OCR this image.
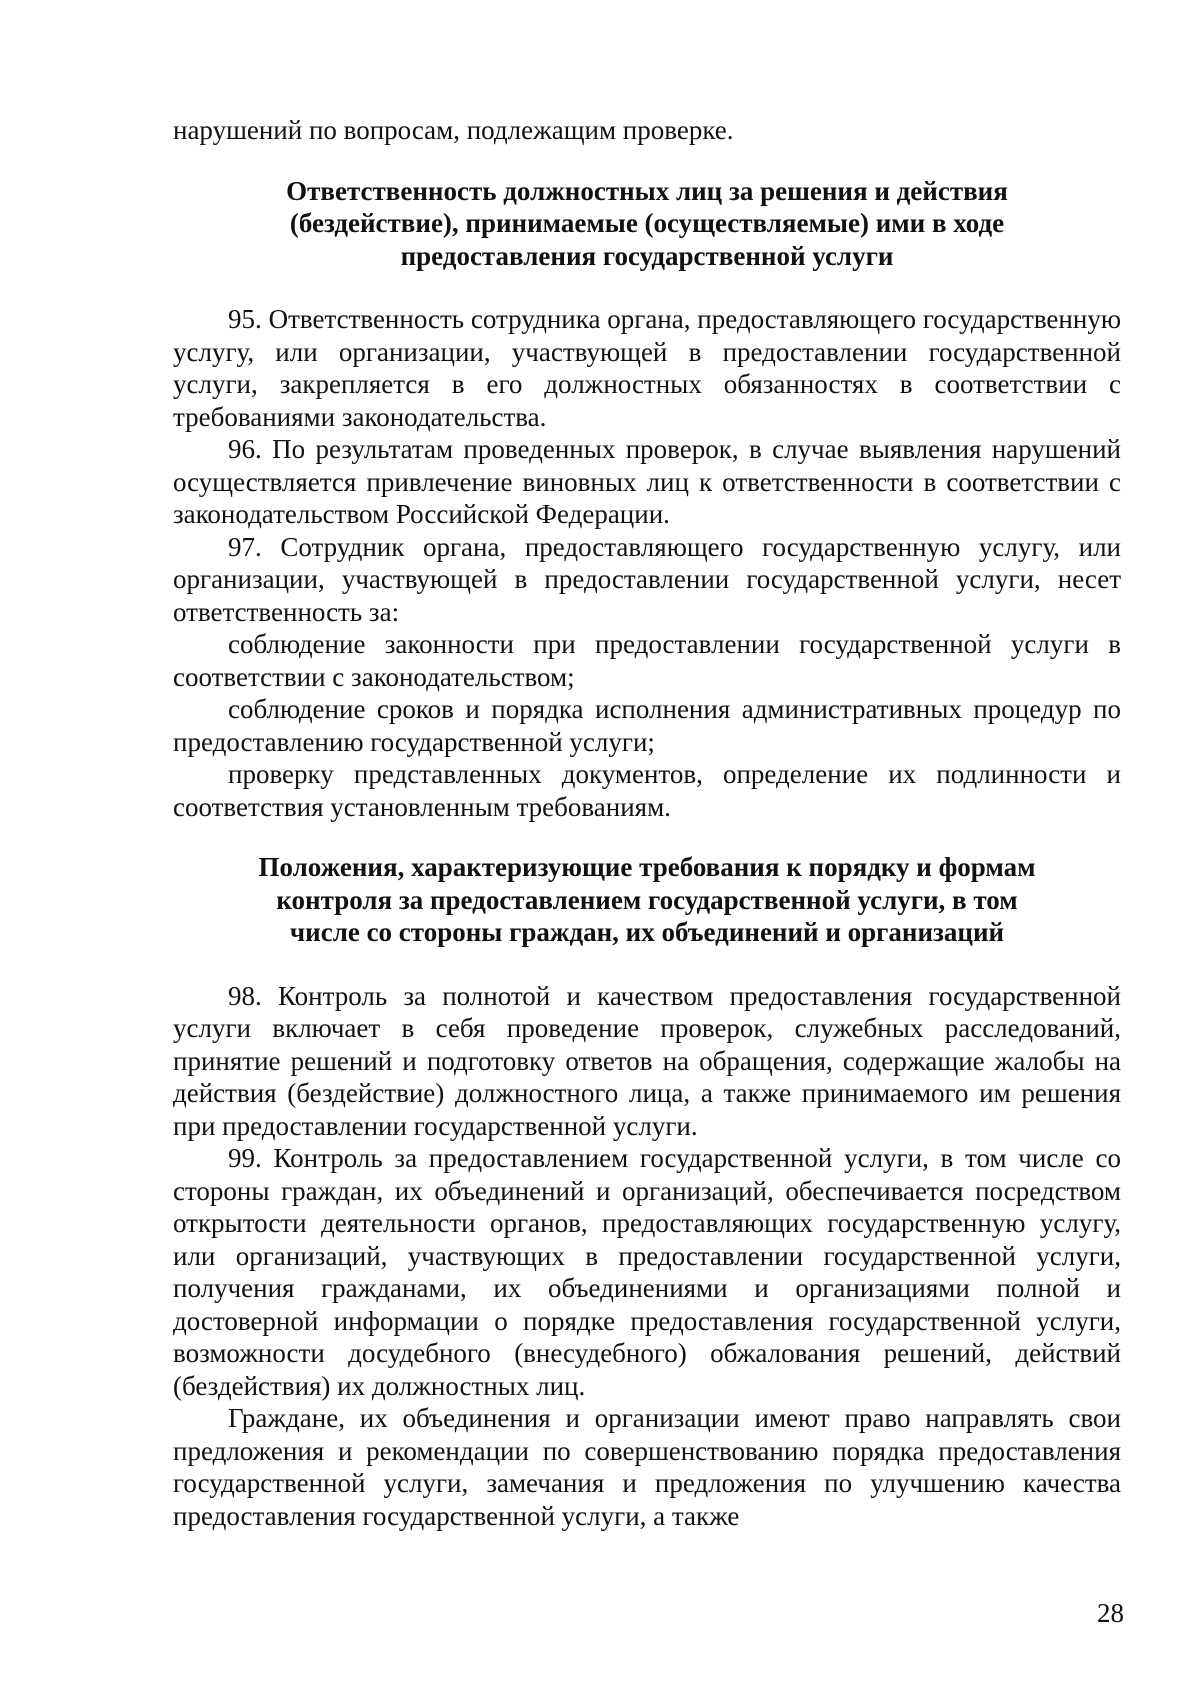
нарушений по вопросам, подлежащим проверке.

Ответственность должностных лиц за решения и действия
(бездействие), принимаемые (осуществляемые) ими в ходе
предоставления государственной услуги

95. Ответственность сотрудника органа, предоставляющего государственную услугу, или организации, участвующей в предоставлении государственной услуги, закрепляется в его должностных обязанностях в соответствии с требованиями законодательства.

96. По результатам проведенных проверок, в случае выявления нарушений осуществляется привлечение виновных лиц к ответственности в соответствии с законодательством Российской Федерации.

97. Сотрудник органа, предоставляющего государственную услугу, или организации, участвующей в предоставлении государственной услуги, несет ответственность за:

соблюдение законности при предоставлении государственной услуги в соответствии с законодательством;

соблюдение сроков и порядка исполнения административных процедур по предоставлению государственной услуги;

проверку представленных документов, определение их подлинности и соответствия установленным требованиям.

Положения, характеризующие требования к порядку и формам
контроля за предоставлением государственной услуги, в том
числе со стороны граждан, их объединений и организаций

98. Контроль за полнотой и качеством предоставления государственной услуги включает в себя проведение проверок, служебных расследований, принятие решений и подготовку ответов на обращения, содержащие жалобы на действия (бездействие) должностного лица, а также принимаемого им решения при предоставлении государственной услуги.

99. Контроль за предоставлением государственной услуги, в том числе со стороны граждан, их объединений и организаций, обеспечивается посредством открытости деятельности органов, предоставляющих государственную услугу, или организаций, участвующих в предоставлении государственной услуги, получения гражданами, их объединениями и организациями полной и достоверной информации о порядке предоставления государственной услуги, возможности досудебного (внесудебного) обжалования решений, действий (бездействия) их должностных лиц.

Граждане, их объединения и организации имеют право направлять свои предложения и рекомендации по совершенствованию порядка предоставления государственной услуги, замечания и предложения по улучшению качества предоставления государственной услуги, а также

28
